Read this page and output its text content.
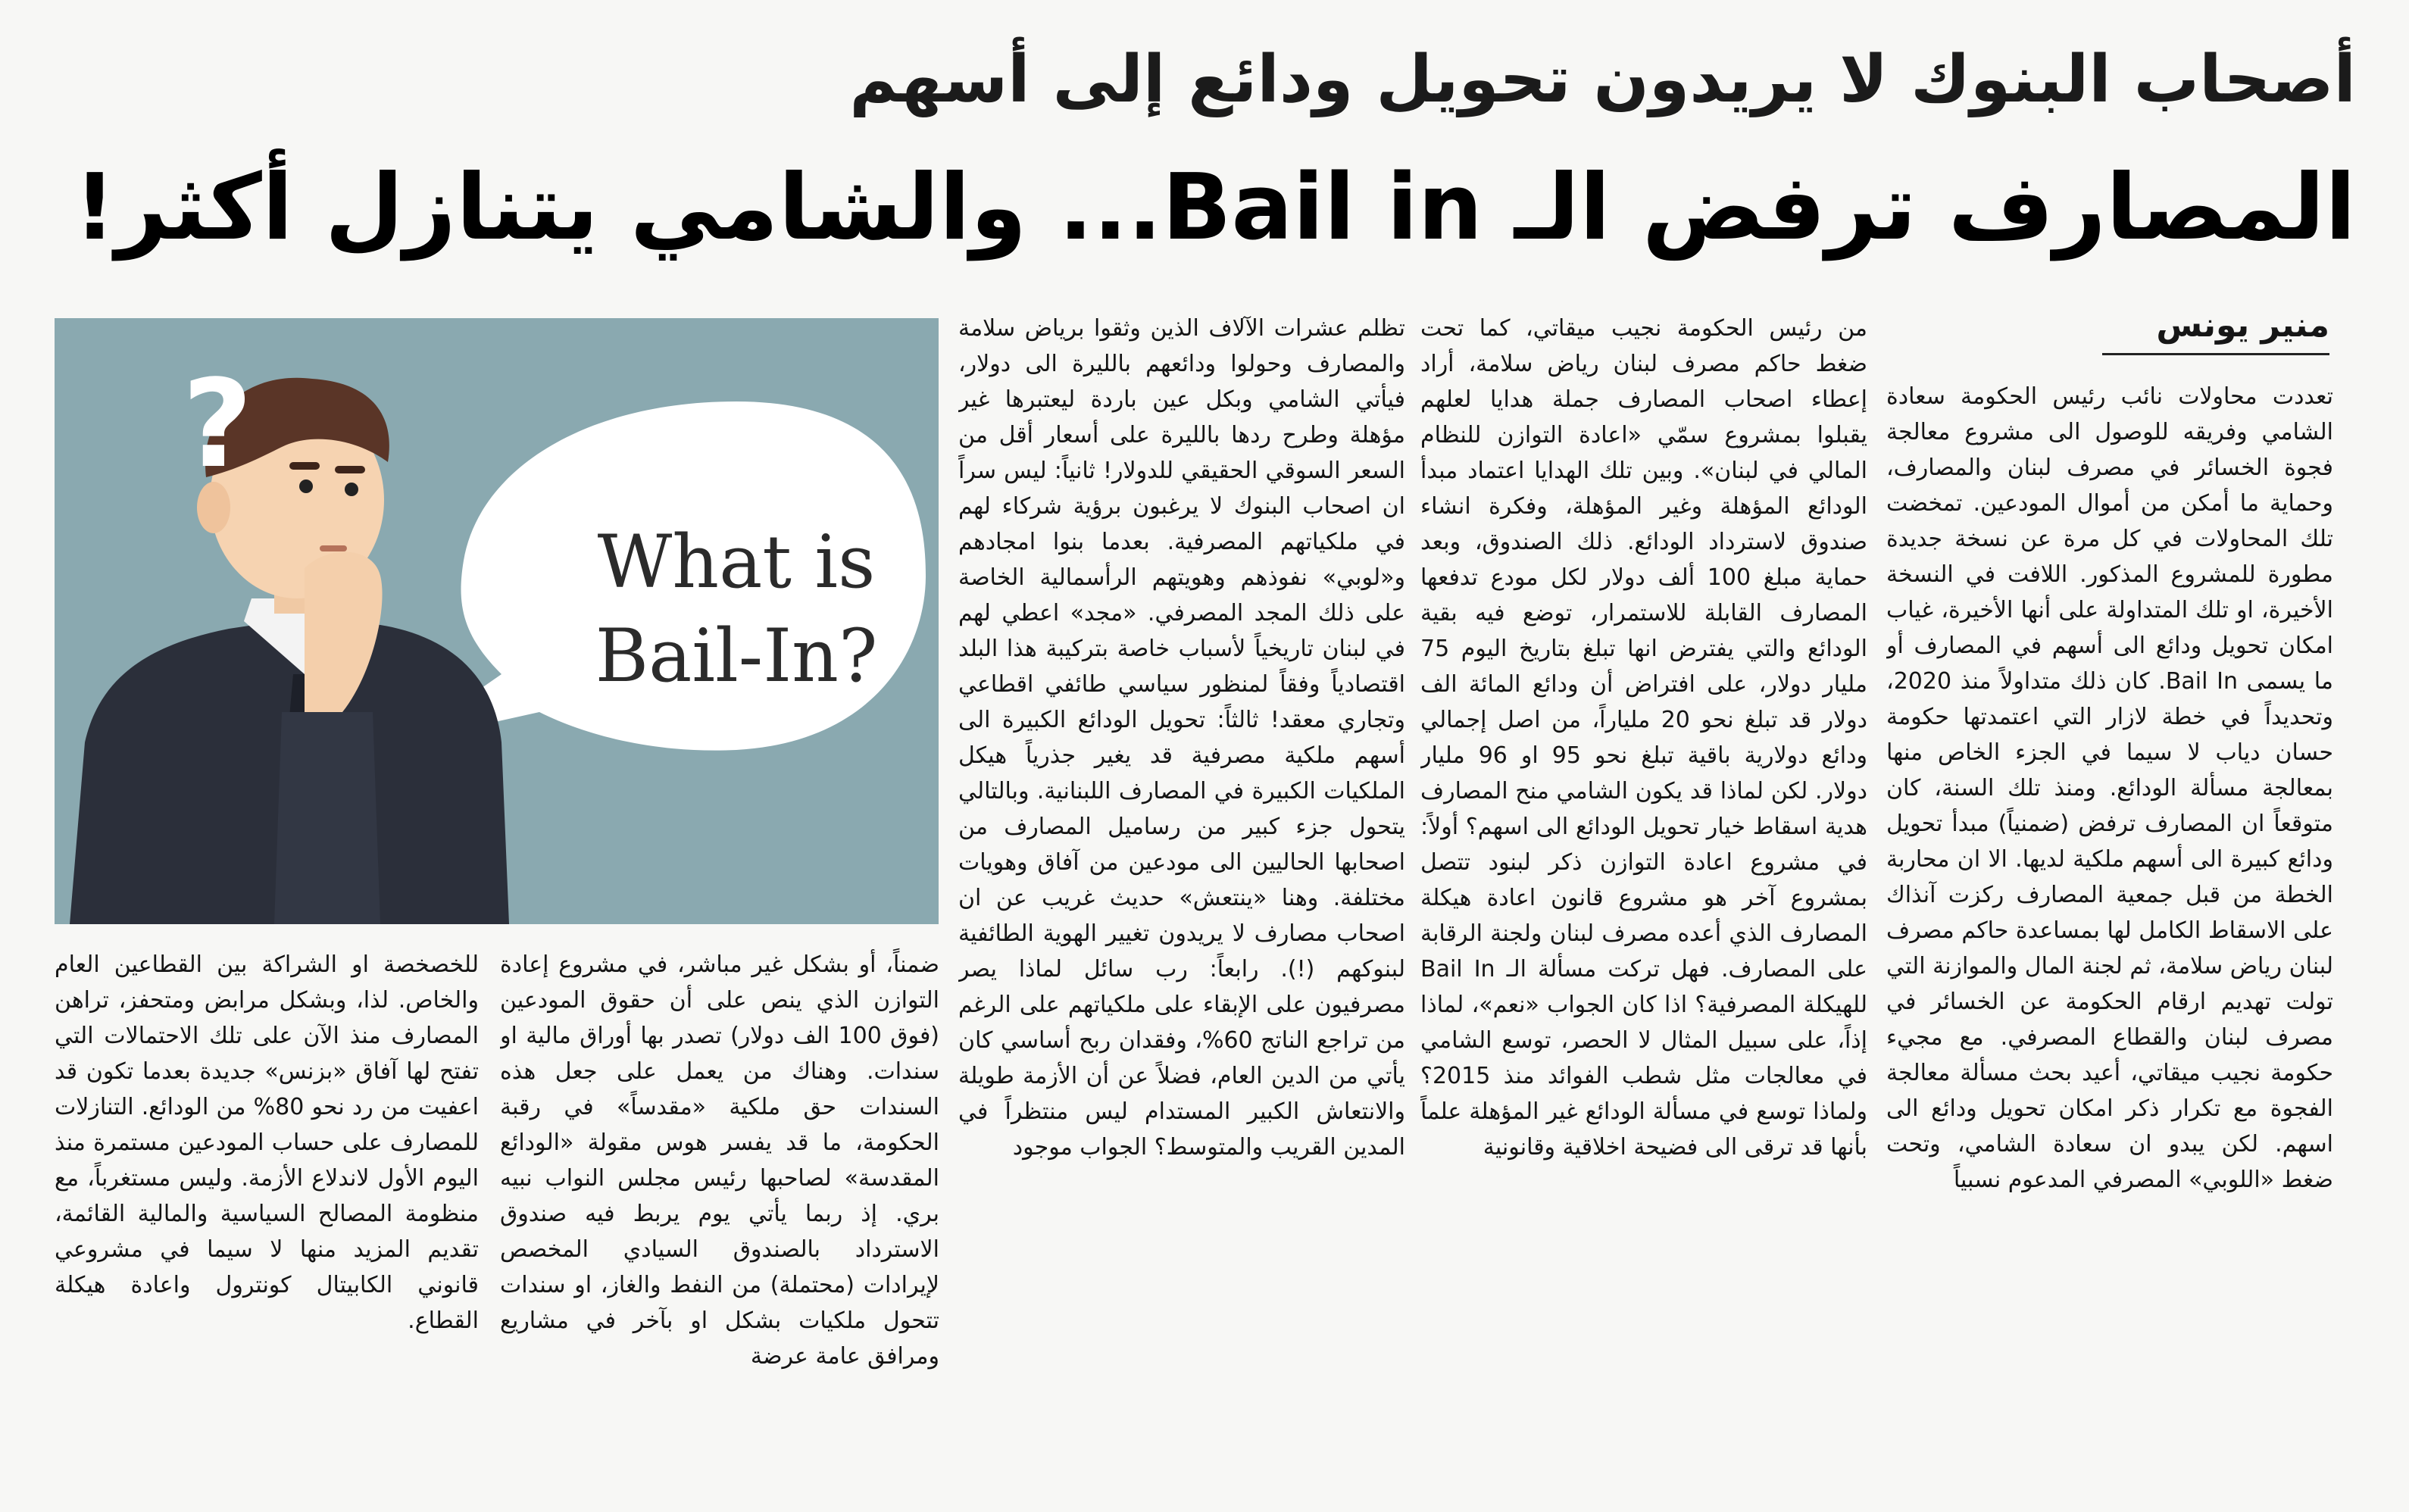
أصحاب البنوك لا يريدون تحويل ودائع إلى أسهم
المصارف ترفض الـ Bail in... والشامي يتنازل أكثر!
منير يونس
?
What is Bail-In?

تعددت محاولات نائب رئيس الحكومة سعادة الشامي وفريقه للوصول الى مشروع معالجة فجوة الخسائر في مصرف لبنان والمصارف، وحماية ما أمكن من أموال المودعين. تمخضت تلك المحاولات في كل مرة عن نسخة جديدة مطورة للمشروع المذكور. اللافت في النسخة الأخيرة، او تلك المتداولة على أنها الأخيرة، غياب امكان تحويل ودائع الى أسهم في المصارف أو ما يسمى Bail In. كان ذلك متداولاً منذ 2020، وتحديداً في خطة لازار التي اعتمدتها حكومة حسان دياب لا سيما في الجزء الخاص منها بمعالجة مسألة الودائع. ومنذ تلك السنة، كان متوقعاً ان المصارف ترفض (ضمنياً) مبدأ تحويل ودائع كبيرة الى أسهم ملكية لديها. الا ان محاربة الخطة من قبل جمعية المصارف ركزت آنذاك على الاسقاط الكامل لها بمساعدة حاكم مصرف لبنان رياض سلامة، ثم لجنة المال والموازنة التي تولت تهديم ارقام الحكومة عن الخسائر في مصرف لبنان والقطاع المصرفي. مع مجيء حكومة نجيب ميقاتي، أعيد بحث مسألة معالجة الفجوة مع تكرار ذكر امكان تحويل ودائع الى اسهم. لكن يبدو ان سعادة الشامي، وتحت ضغط «اللوبي» المصرفي المدعوم نسبياً

من رئيس الحكومة نجيب ميقاتي، كما تحت ضغط حاكم مصرف لبنان رياض سلامة، أراد إعطاء اصحاب المصارف جملة هدايا لعلهم يقبلوا بمشروع سمّي «اعادة التوازن للنظام المالي في لبنان». وبين تلك الهدايا اعتماد مبدأ الودائع المؤهلة وغير المؤهلة، وفكرة انشاء صندوق لاسترداد الودائع. ذلك الصندوق، وبعد حماية مبلغ 100 ألف دولار لكل مودع تدفعها المصارف القابلة للاستمرار، توضع فيه بقية الودائع والتي يفترض انها تبلغ بتاريخ اليوم 75 مليار دولار، على افتراض أن ودائع المائة الف دولار قد تبلغ نحو 20 ملياراً، من اصل إجمالي ودائع دولارية باقية تبلغ نحو 95 او 96 مليار دولار. لكن لماذا قد يكون الشامي منح المصارف هدية اسقاط خيار تحويل الودائع الى اسهم؟ أولاً: في مشروع اعادة التوازن ذكر لبنود تتصل بمشروع آخر هو مشروع قانون اعادة هيكلة المصارف الذي أعده مصرف لبنان ولجنة الرقابة على المصارف. فهل تركت مسألة الـ Bail In للهيكلة المصرفية؟ اذا كان الجواب «نعم»، لماذا إذاً، على سبيل المثال لا الحصر، توسع الشامي في معالجات مثل شطب الفوائد منذ 2015؟ ولماذا توسع في مسألة الودائع غير المؤهلة علماً بأنها قد ترقى الى فضيحة اخلاقية وقانونية

تظلم عشرات الآلاف الذين وثقوا برياض سلامة والمصارف وحولوا ودائعهم بالليرة الى دولار، فيأتي الشامي وبكل عين باردة ليعتبرها غير مؤهلة وطرح ردها بالليرة على أسعار أقل من السعر السوقي الحقيقي للدولار! ثانياً: ليس سراً ان اصحاب البنوك لا يرغبون برؤية شركاء لهم في ملكياتهم المصرفية. بعدما بنوا امجادهم و«لوبي» نفوذهم وهويتهم الرأسمالية الخاصة على ذلك المجد المصرفي. «مجد» اعطي لهم في لبنان تاريخياً لأسباب خاصة بتركيبة هذا البلد اقتصادياً وفقاً لمنظور سياسي طائفي اقطاعي وتجاري معقد! ثالثاً: تحويل الودائع الكبيرة الى أسهم ملكية مصرفية قد يغير جذرياً هيكل الملكيات الكبيرة في المصارف اللبنانية. وبالتالي يتحول جزء كبير من رساميل المصارف من اصحابها الحاليين الى مودعين من آفاق وهويات مختلفة. وهنا «ينتعش» حديث غريب عن ان اصحاب مصارف لا يريدون تغيير الهوية الطائفية لبنوكهم (!). رابعاً: رب سائل لماذا يصر مصرفيون على الإبقاء على ملكياتهم على الرغم من تراجع الناتج 60%، وفقدان ربح أساسي كان يأتي من الدين العام، فضلاً عن أن الأزمة طويلة والانتعاش الكبير المستدام ليس منتظراً في المدين القريب والمتوسط؟ الجواب موجود

ضمناً، أو بشكل غير مباشر، في مشروع إعادة التوازن الذي ينص على أن حقوق المودعين (فوق 100 الف دولار) تصدر بها أوراق مالية او سندات. وهناك من يعمل على جعل هذه السندات حق ملكية «مقدساً» في رقبة الحكومة، ما قد يفسر هوس مقولة «الودائع المقدسة» لصاحبها رئيس مجلس النواب نبيه بري. إذ ربما يأتي يوم يربط فيه صندوق الاسترداد بالصندوق السيادي المخصص لإيرادات (محتملة) من النفط والغاز، او سندات تتحول ملكيات بشكل او بآخر في مشاريع ومرافق عامة عرضة

للخصخصة او الشراكة بين القطاعين العام والخاص. لذا، وبشكل مرابض ومتحفز، تراهن المصارف منذ الآن على تلك الاحتمالات التي تفتح لها آفاق «بزنس» جديدة بعدما تكون قد اعفيت من رد نحو 80% من الودائع. التنازلات للمصارف على حساب المودعين مستمرة منذ اليوم الأول لاندلاع الأزمة. وليس مستغرباً، مع منظومة المصالح السياسية والمالية القائمة، تقديم المزيد منها لا سيما في مشروعي قانوني الكابيتال كونترول واعادة هيكلة القطاع.
